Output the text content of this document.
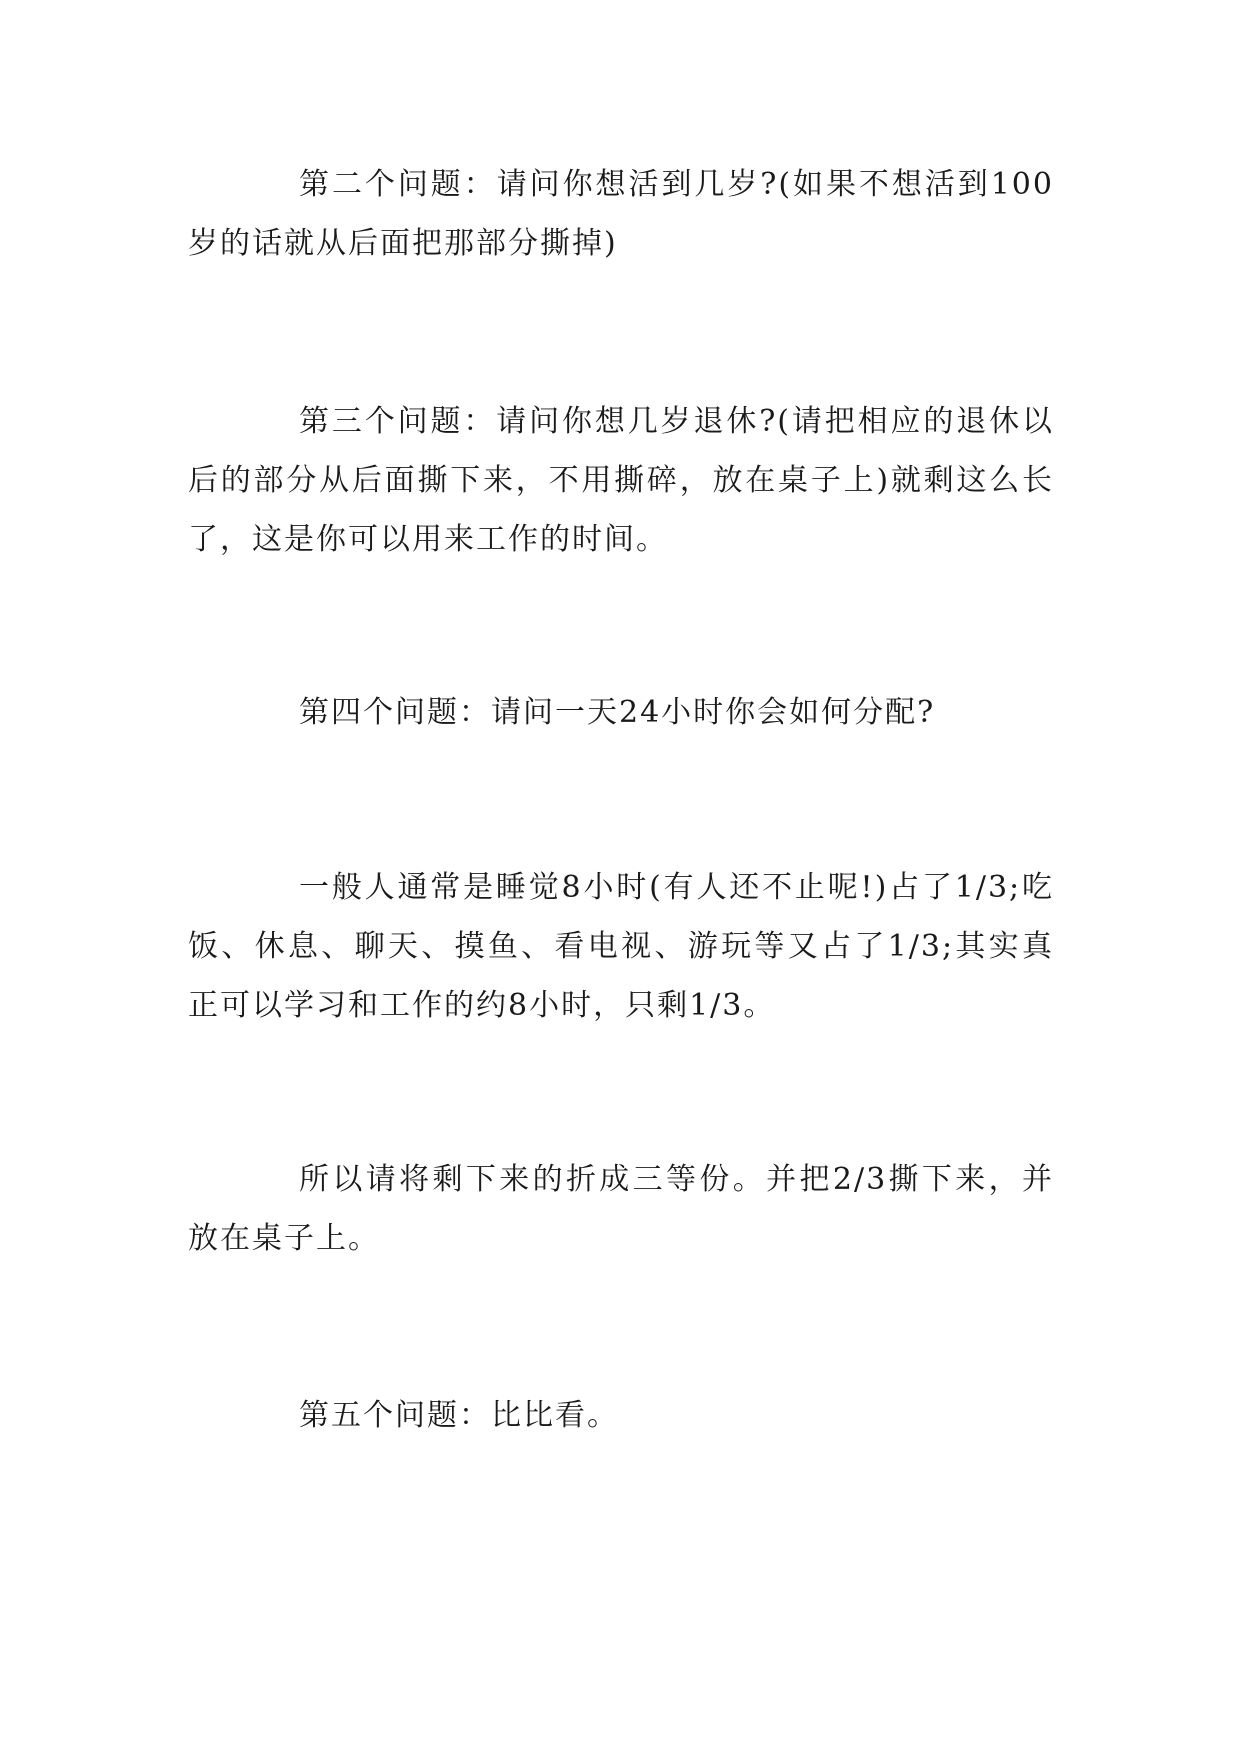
第二个问题：请问你想活到几岁?(如果不想活到100岁的话就从后面把那部分撕掉)

第三个问题：请问你想几岁退休?(请把相应的退休以后的部分从后面撕下来，不用撕碎，放在桌子上)就剩这么长了，这是你可以用来工作的时间。

第四个问题：请问一天24小时你会如何分配?

一般人通常是睡觉8小时(有人还不止呢!)占了1/3;吃饭、休息、聊天、摸鱼、看电视、游玩等又占了1/3;其实真正可以学习和工作的约8小时，只剩1/3。

所以请将剩下来的折成三等份。并把2/3撕下来，并放在桌子上。

第五个问题：比比看。
